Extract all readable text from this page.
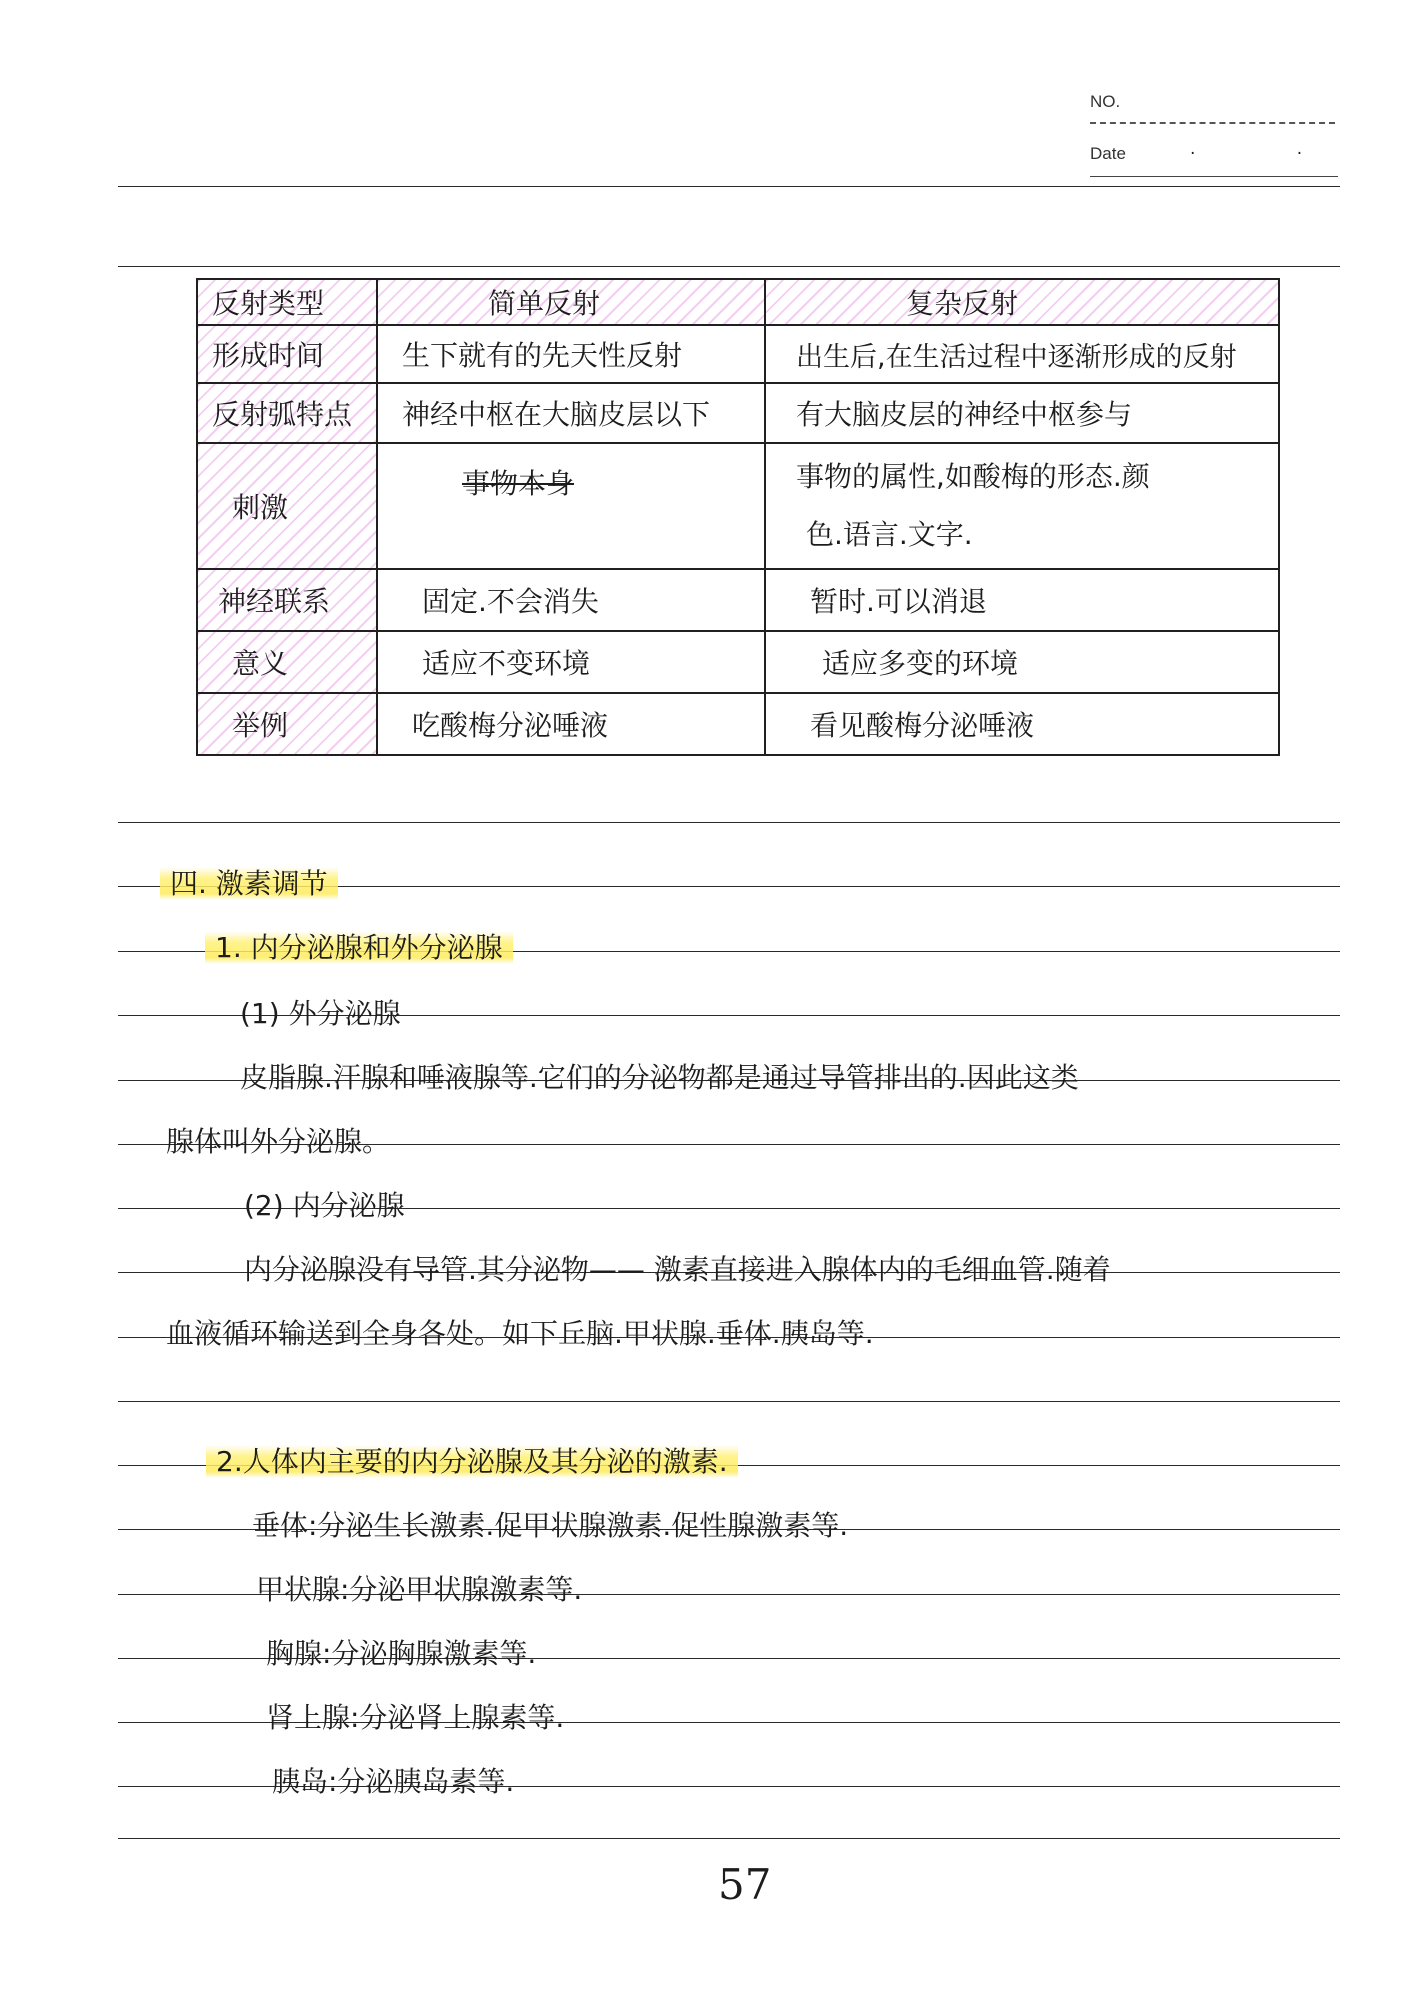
NO.
Date	· ·
反射类型	简单反射	复杂反射
形成时间	生下就有的先天性反射	出生后,在生活过程中逐渐形成的反射
反射弧特点	神经中枢在大脑皮层以下	有大脑皮层的神经中枢参与
刺激	事物本身	事物的属性,如酸梅的形态.颜
色.语言.文字.

神经联系	固定.不会消失	暂时.可以消退
意义	适应不变环境	适应多变的环境
举例	吃酸梅分泌唾液	看见酸梅分泌唾液
四. 激素调节
1. 内分泌腺和外分泌腺
(1) 外分泌腺
皮脂腺.汗腺和唾液腺等.它们的分泌物都是通过导管排出的.因此这类
腺体叫外分泌腺。
(2) 内分泌腺
内分泌腺没有导管.其分泌物—— 激素直接进入腺体内的毛细血管.随着
血液循环输送到全身各处。如下丘脑.甲状腺.垂体.胰岛等.
2.人体内主要的内分泌腺及其分泌的激素.
垂体:分泌生长激素.促甲状腺激素.促性腺激素等.
甲状腺:分泌甲状腺激素等.
胸腺:分泌胸腺激素等.
肾上腺:分泌肾上腺素等.
胰岛:分泌胰岛素等.
57
